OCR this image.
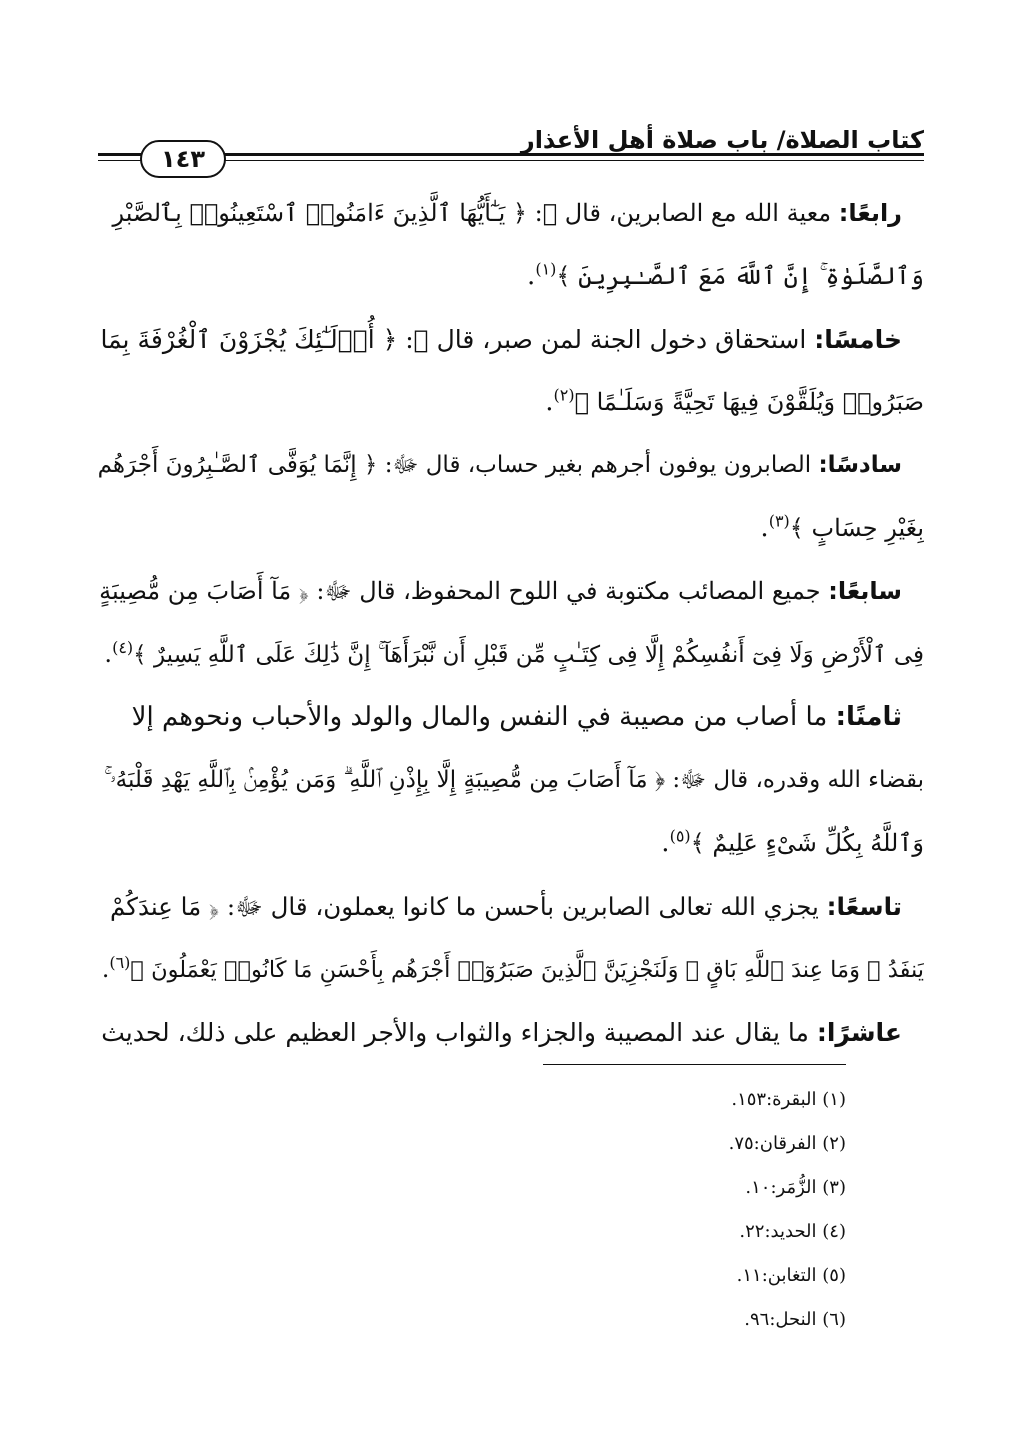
كتاب الصلاة/ باب صلاة أهل الأعذار
١٤٣
رابعًا: معية الله مع الصابرين، قال ﷻ: ﴿ يَـٰٓأَيُّهَا ٱلَّذِينَ ءَامَنُوا۟ ٱسْتَعِينُوا۟ بِٱلصَّبْرِ
وَٱلصَّلَوٰةِ ۚ إِنَّ ٱللَّهَ مَعَ ٱلصَّـٰبِرِينَ ﴾$^{(١)}$.
خامسًا: استحقاق دخول الجنة لمن صبر، قال ﷻ: ﴿ أُو۟لَـٰٓئِكَ يُجْزَوْنَ ٱلْغُرْفَةَ بِمَا
صَبَرُوا۟ وَيُلَقَّوْنَ فِيهَا تَحِيَّةً وَسَلَـٰمًا ﴾$^{(٢)}$.
سادسًا: الصابرون يوفون أجرهم بغير حساب، قال ﷻ: ﴿ إِنَّمَا يُوَفَّى ٱلصَّـٰبِرُونَ أَجْرَهُم
بِغَيْرِ حِسَابٍ ﴾$^{(٣)}$.
سابعًا: جميع المصائب مكتوبة في اللوح المحفوظ، قال ﷻ: ﴿ مَآ أَصَابَ مِن مُّصِيبَةٍ
فِى ٱلْأَرْضِ وَلَا فِىٓ أَنفُسِكُمْ إِلَّا فِى كِتَـٰبٍ مِّن قَبْلِ أَن نَّبْرَأَهَآ ۚ إِنَّ ذَٰلِكَ عَلَى ٱللَّهِ يَسِيرٌ ﴾$^{(٤)}$.
ثامنًا: ما أصاب من مصيبة في النفس والمال والولد والأحباب ونحوهم إلا
بقضاء الله وقدره، قال ﷻ: ﴿ مَآ أَصَابَ مِن مُّصِيبَةٍ إِلَّا بِإِذْنِ ٱللَّهِ ۗ وَمَن يُؤْمِنۢ بِٱللَّهِ يَهْدِ قَلْبَهُۥ ۚ
وَٱللَّهُ بِكُلِّ شَىْءٍ عَلِيمٌ ﴾$^{(٥)}$.
تاسعًا: يجزي الله تعالى الصابرين بأحسن ما كانوا يعملون، قال ﷻ: ﴿ مَا عِندَكُمْ
يَنفَدُ ۖ وَمَا عِندَ ٱللَّهِ بَاقٍ ۗ وَلَنَجْزِيَنَّ ٱلَّذِينَ صَبَرُوٓا۟ أَجْرَهُم بِأَحْسَنِ مَا كَانُوا۟ يَعْمَلُونَ ﴾$^{(٦)}$.
عاشرًا: ما يقال عند المصيبة والجزاء والثواب والأجر العظيم على ذلك، لحديث
(١) البقرة:١٥٣.
(٢) الفرقان:٧٥.
(٣) الزُّمَر:١٠.
(٤) الحديد:٢٢.
(٥) التغابن:١١.
(٦) النحل:٩٦.
